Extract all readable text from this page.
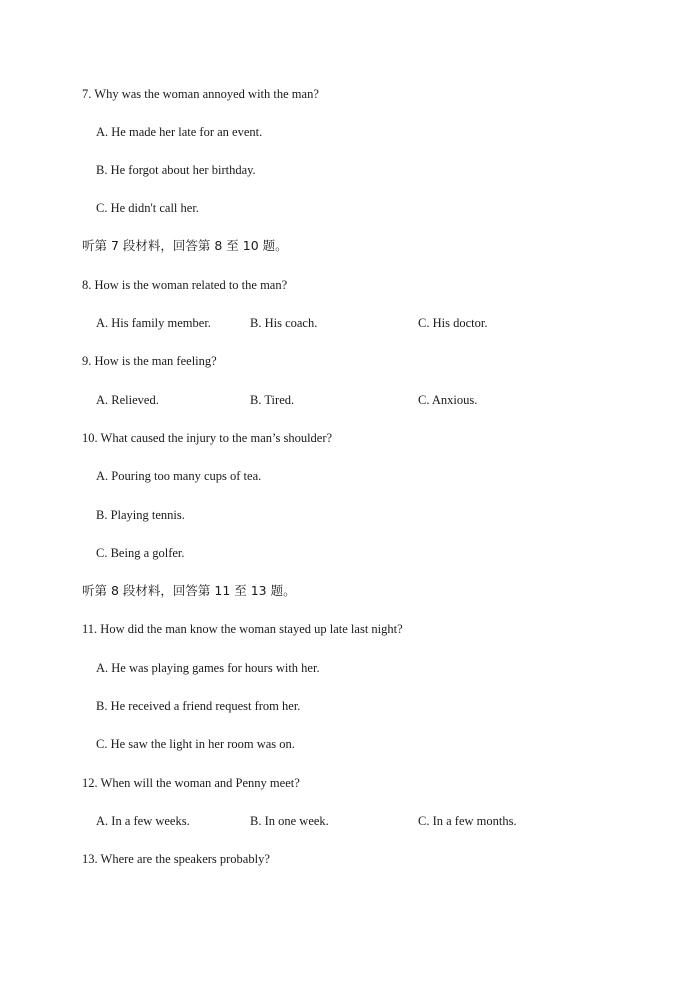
7. Why was the woman annoyed with the man?
A. He made her late for an event.
B. He forgot about her birthday.
C. He didn't call her.
听第 7 段材料，回答第 8 至 10 题。
8. How is the woman related to the man?
A. His family member.	B. His coach.	C. His doctor.
9. How is the man feeling?
A. Relieved.	B. Tired.	C. Anxious.
10. What caused the injury to the man’s shoulder?
A. Pouring too many cups of tea.
B. Playing tennis.
C. Being a golfer.
听第 8 段材料，回答第 11 至 13 题。
11. How did the man know the woman stayed up late last night?
A. He was playing games for hours with her.
B. He received a friend request from her.
C. He saw the light in her room was on.
12. When will the woman and Penny meet?
A. In a few weeks.	B. In one week.	C. In a few months.
13. Where are the speakers probably?
